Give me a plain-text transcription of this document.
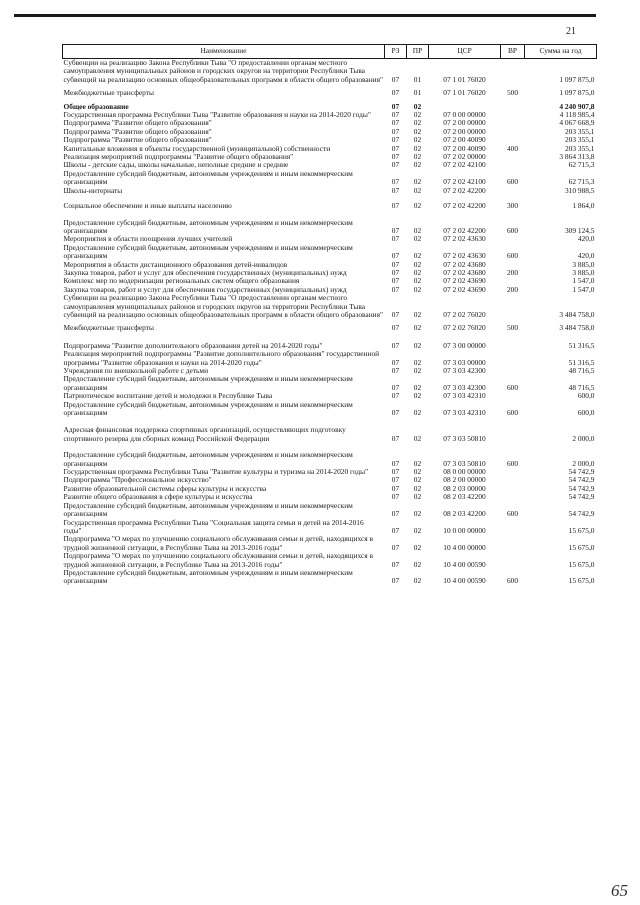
21
Наименование	РЗ	ПР	ЦСР	ВР	Сумма на год
Субвенции на реализацию Закона Республики Тыва "О предоставлении органам местного самоуправления муниципальных районов и городских округов на территории Республики Тыва субвенций на реализацию основных общеобразовательных программ в области общего образования"	07	01	07 1 01 76020		1 097 875,0
Межбюджетные трансферты	07	01	07 1 01 76020	500	1 097 875,0
Общее образование	07	02			4 240 907,8
Государственная программа Республики Тыва "Развитие образования и науки на 2014-2020 годы"	07	02	07 0 00 00000		4 118 985,4
Подпрограмма "Развитие общего образования"	07	02	07 2 00 00000		4 067 668,9
Подпрограмма "Развитие общего образования"	07	02	07 2 00 00000		203 355,1
Подпрограмма "Развитие общего образования"	07	02	07 2 00 40090		203 355,1
Капитальные вложения в объекты государственной (муниципальной) собственности	07	02	07 2 00 40090	400	203 355,1
Реализация мероприятий подпрограммы "Развитие общего образования"	07	02	07 2 02 00000		3 864 313,8
Школы - детские сады, школы начальные, неполные средние и средние	07	02	07 2 02 42100		62 715,3
Предоставление субсидий бюджетным, автономным учреждениям и иным некоммерческим организациям	07	02	07 2 02 42100	600	62 715,3
Школы-интернаты	07	02	07 2 02 42200		310 988,5
Социальное обеспечение и иные выплаты населению	07	02	07 2 02 42200	300	1 864,0
Предоставление субсидий бюджетным, автономным учреждениям и иным некоммерческим организациям	07	02	07 2 02 42200	600	309 124,5
Мероприятия в области поощрения лучших учителей	07	02	07 2 02 43630		420,0
Предоставление субсидий бюджетным, автономным учреждениям и иным некоммерческим организациям	07	02	07 2 02 43630	600	420,0
Мероприятия в области дистанционного образования детей-инвалидов	07	02	07 2 02 43680		3 885,0
Закупка товаров, работ и услуг для обеспечения государственных (муниципальных) нужд	07	02	07 2 02 43680	200	3 885,0
Комплекс мер по модернизации региональных систем общего образования	07	02	07 2 02 43690		1 547,0
Закупка товаров, работ и услуг для обеспечения государственных (муниципальных) нужд	07	02	07 2 02 43690	200	1 547,0
Субвенции на реализацию Закона Республики Тыва "О предоставлении органам местного самоуправления муниципальных районов и городских округов на территории Республики Тыва субвенций на реализацию основных общеобразовательных программ в области общего образования"	07	02	07 2 02 76020		3 484 758,0
Межбюджетные трансферты	07	02	07 2 02 76020	500	3 484 758,0
Подпрограмма "Развитие дополнительного образования детей на 2014-2020 годы"	07	02	07 3 00 00000		51 316,5
Реализация мероприятий подпрограммы "Развитие дополнительного образования" государственной программы "Развитие образования и науки на 2014-2020 годы"	07	02	07 3 03 00000		51 316,5
Учреждения по внешкольной работе с детьми	07	02	07 3 03 42300		48 716,5
Предоставление субсидий бюджетным, автономным учреждениям и иным некоммерческим организациям	07	02	07 3 03 42300	600	48 716,5
Патриотическое воспитание детей и молодежи в Республике Тыва	07	02	07 3 03 42310		600,0
Предоставление субсидий бюджетным, автономным учреждениям и иным некоммерческим организациям	07	02	07 3 03 42310	600	600,0
Адресная финансовая поддержка спортивных организаций, осуществляющих подготовку спортивного резерва для сборных команд Российской Федерации	07	02	07 3 03 50810		2 000,0
Предоставление субсидий бюджетным, автономным учреждениям и иным некоммерческим организациям	07	02	07 3 03 50810	600	2 000,0
Государственная программа Республики Тыва "Развитие культуры и туризма на 2014-2020 годы"	07	02	08 0 00 00000		54 742,9
Подпрограмма "Профессиональное искусство"	07	02	08 2 00 00000		54 742,9
Развитие образовательной системы сферы культуры и искусства	07	02	08 2 03 00000		54 742,9
Развитие общего образования в сфере культуры и искусства	07	02	08 2 03 42200		54 742,9
Предоставление субсидий бюджетным, автономным учреждениям и иным некоммерческим организациям	07	02	08 2 03 42200	600	54 742,9
Государственная программа Республики Тыва "Социальная защита семьи и детей на 2014-2016 годы"	07	02	10 0 00 00000		15 675,0
Подпрограмма "О мерах по улучшению социального обслуживания семьи и детей, находящихся в трудной жизненной ситуации, в Республике Тыва на 2013-2016 годы"	07	02	10 4 00 00000		15 675,0
Подпрограмма "О мерах по улучшению социального обслуживания семьи и детей, находящихся в трудной жизненной ситуации, в Республике Тыва на 2013-2016 годы"	07	02	10 4 00 00590		15 675,0
Предоставление субсидий бюджетным, автономным учреждениям и иным некоммерческим организациям	07	02	10 4 00 00590	600	15 675,0
65
